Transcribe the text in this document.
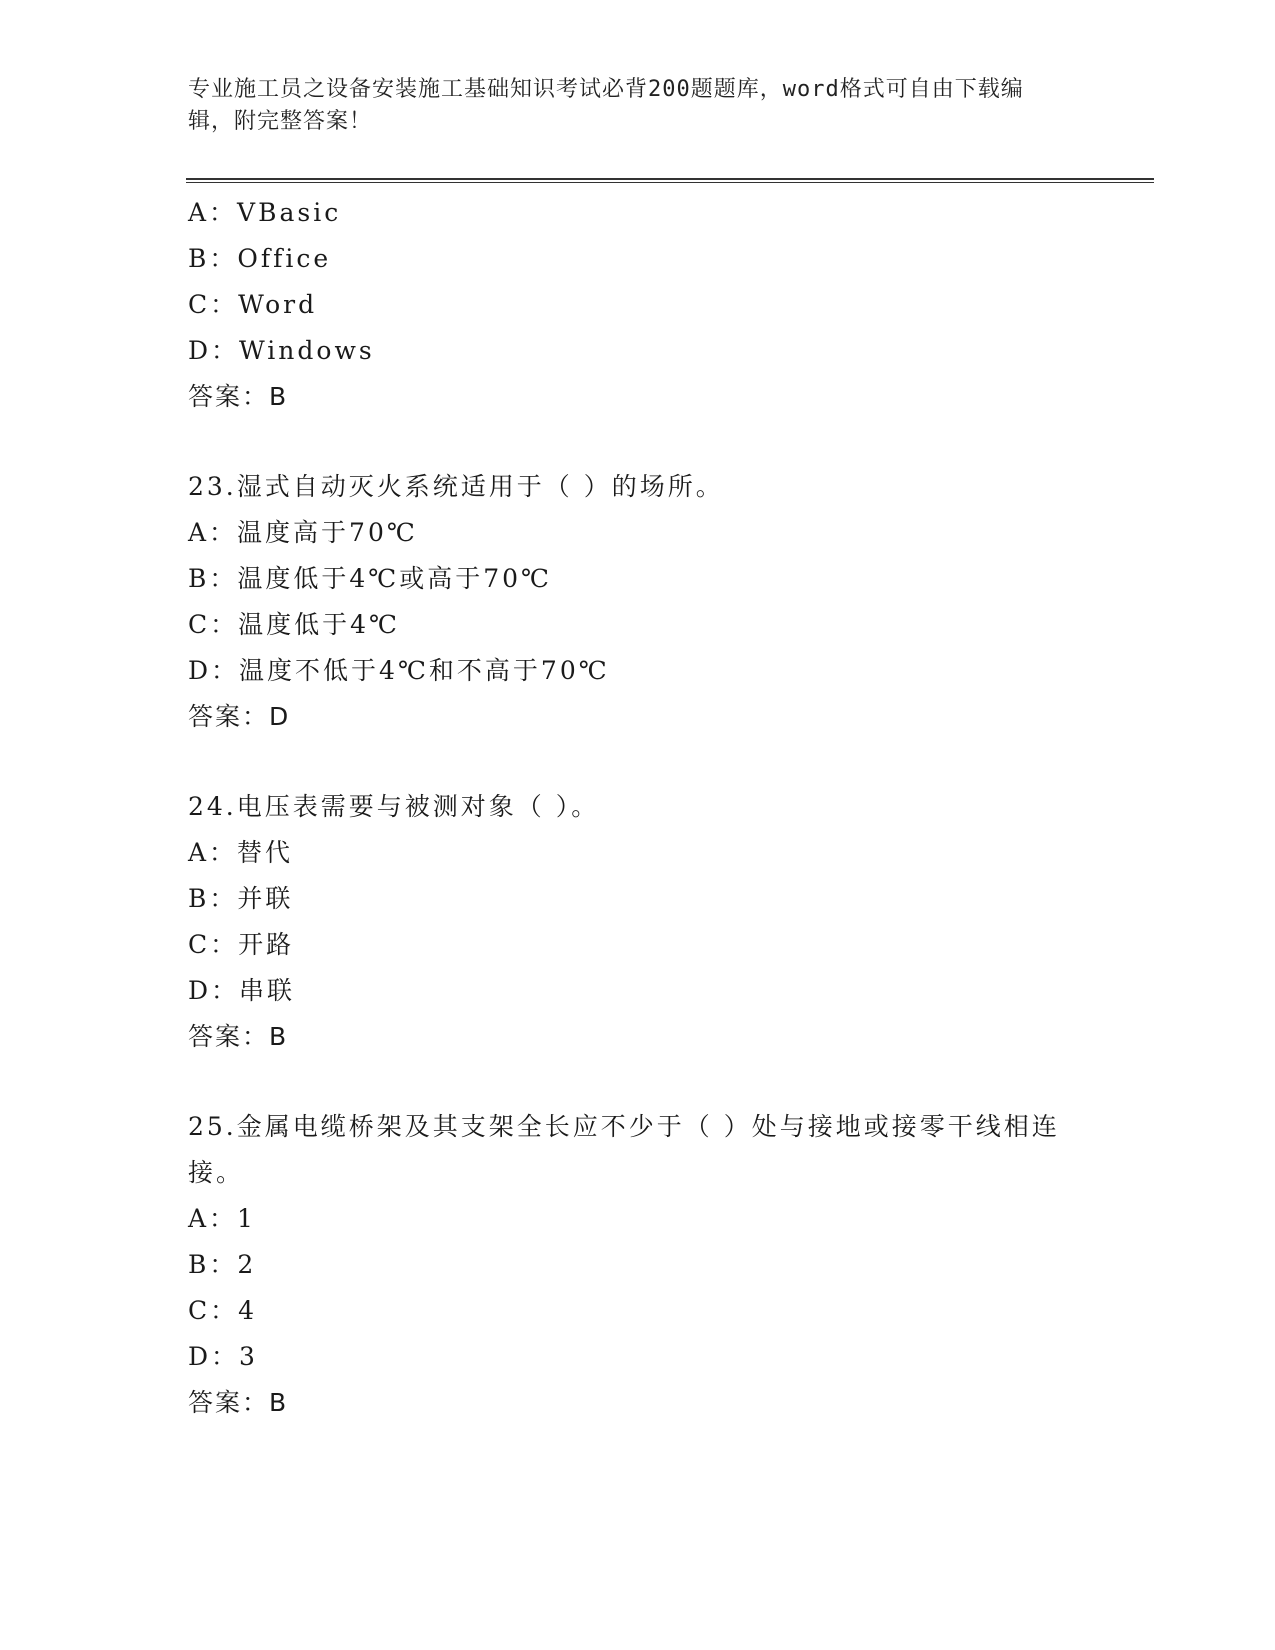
专业施工员之设备安装施工基础知识考试必背200题题库，word格式可自由下载编辑，附完整答案！
A：VBasic
B：Office
C：Word
D：Windows
答案：B
23.湿式自动灭火系统适用于（ ）的场所。
A：温度高于70℃
B：温度低于4℃或高于70℃
C：温度低于4℃
D：温度不低于4℃和不高于70℃
答案：D
24.电压表需要与被测对象（ ）。
A：替代
B：并联
C：开路
D：串联
答案：B
25.金属电缆桥架及其支架全长应不少于（ ）处与接地或接零干线相连接。
A：1
B：2
C：4
D：3
答案：B
